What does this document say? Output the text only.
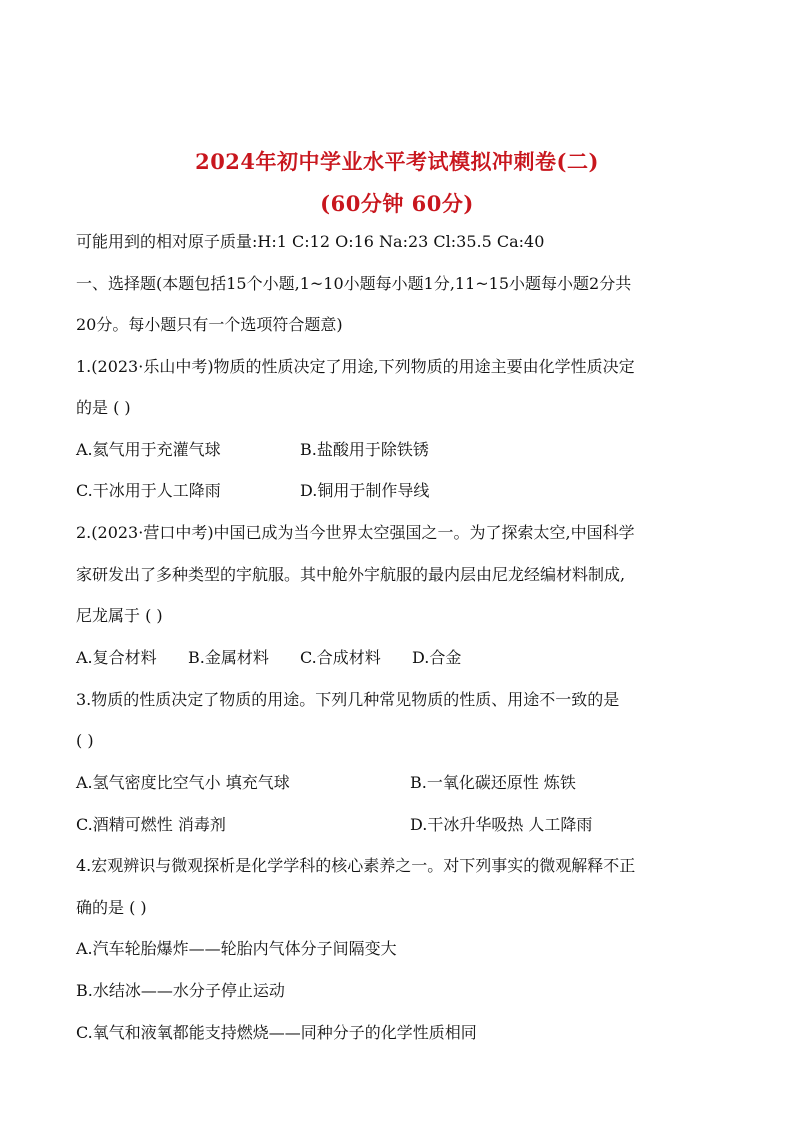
2024年初中学业水平考试模拟冲刺卷(二)
(60分钟 60分)
可能用到的相对原子质量:H:1 C:12 O:16 Na:23 Cl:35.5 Ca:40
一、选择题(本题包括15个小题,1~10小题每小题1分,11~15小题每小题2分共
20分。每小题只有一个选项符合题意)
1.(2023·乐山中考)物质的性质决定了用途,下列物质的用途主要由化学性质决定
的是 ( )
A.氦气用于充灌气球	B.盐酸用于除铁锈
C.干冰用于人工降雨	D.铜用于制作导线
2.(2023·营口中考)中国已成为当今世界太空强国之一。为了探索太空,中国科学
家研发出了多种类型的宇航服。其中舱外宇航服的最内层由尼龙经编材料制成,
尼龙属于 ( )
A.复合材料 B.金属材料 C.合成材料 D.合金
3.物质的性质决定了物质的用途。下列几种常见物质的性质、用途不一致的是
( )
A.氢气密度比空气小 填充气球	B.一氧化碳还原性 炼铁
C.酒精可燃性 消毒剂	D.干冰升华吸热 人工降雨
4.宏观辨识与微观探析是化学学科的核心素养之一。对下列事实的微观解释不正
确的是 ( )
A.汽车轮胎爆炸——轮胎内气体分子间隔变大
B.水结冰——水分子停止运动
C.氧气和液氧都能支持燃烧——同种分子的化学性质相同
